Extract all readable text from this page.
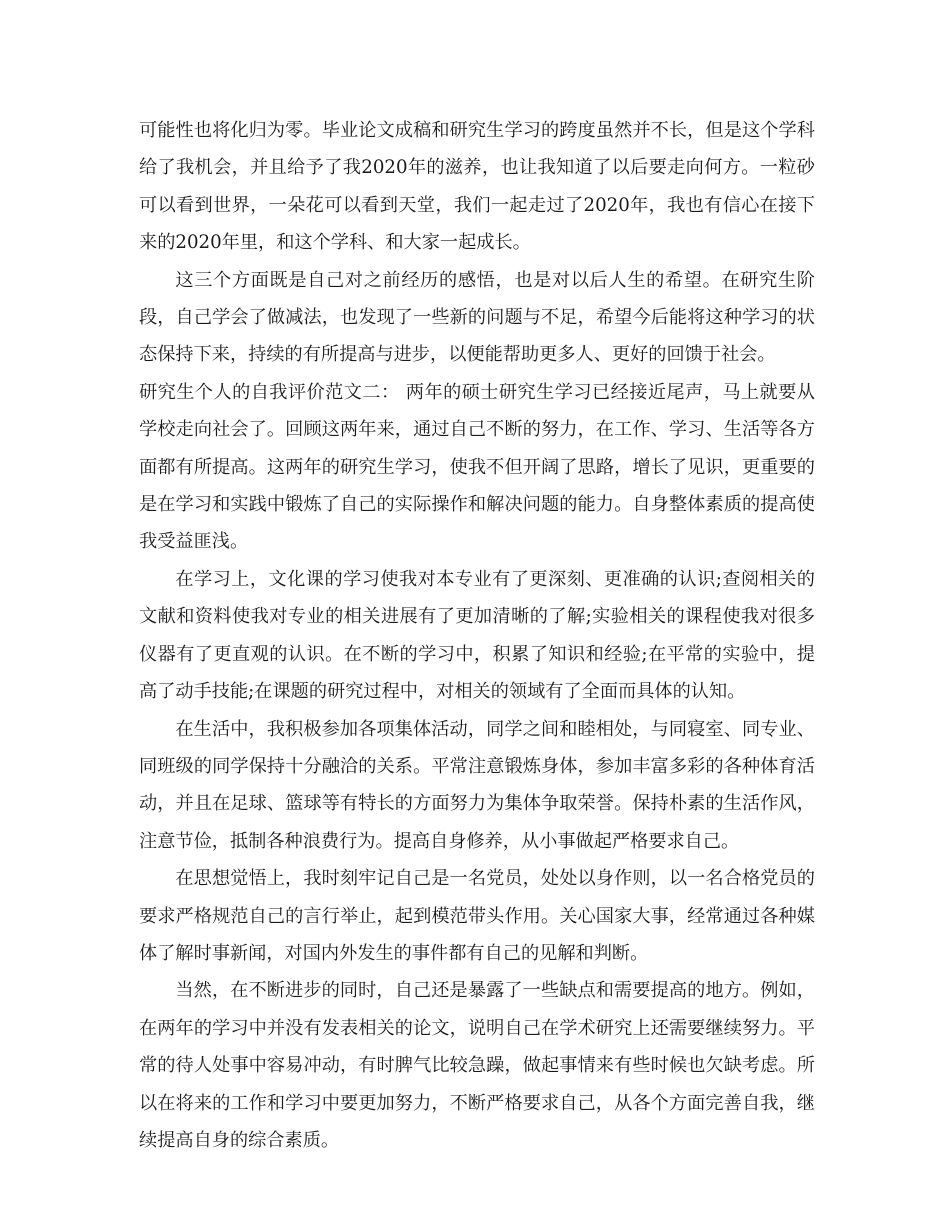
可能性也将化归为零。毕业论文成稿和研究生学习的跨度虽然并不长，但是这个学科给了我机会，并且给予了我2020年的滋养，也让我知道了以后要走向何方。一粒砂可以看到世界，一朵花可以看到天堂，我们一起走过了2020年，我也有信心在接下来的2020年里，和这个学科、和大家一起成长。

这三个方面既是自己对之前经历的感悟，也是对以后人生的希望。在研究生阶段，自己学会了做减法，也发现了一些新的问题与不足，希望今后能将这种学习的状态保持下来，持续的有所提高与进步，以便能帮助更多人、更好的回馈于社会。

研究生个人的自我评价范文二： 两年的硕士研究生学习已经接近尾声，马上就要从学校走向社会了。回顾这两年来，通过自己不断的努力，在工作、学习、生活等各方面都有所提高。这两年的研究生学习，使我不但开阔了思路，增长了见识，更重要的是在学习和实践中锻炼了自己的实际操作和解决问题的能力。自身整体素质的提高使我受益匪浅。

在学习上，文化课的学习使我对本专业有了更深刻、更准确的认识;查阅相关的文献和资料使我对专业的相关进展有了更加清晰的了解;实验相关的课程使我对很多仪器有了更直观的认识。在不断的学习中，积累了知识和经验;在平常的实验中，提高了动手技能;在课题的研究过程中，对相关的领域有了全面而具体的认知。

在生活中，我积极参加各项集体活动，同学之间和睦相处，与同寝室、同专业、同班级的同学保持十分融洽的关系。平常注意锻炼身体，参加丰富多彩的各种体育活动，并且在足球、篮球等有特长的方面努力为集体争取荣誉。保持朴素的生活作风，注意节俭，抵制各种浪费行为。提高自身修养，从小事做起严格要求自己。

在思想觉悟上，我时刻牢记自己是一名党员，处处以身作则，以一名合格党员的要求严格规范自己的言行举止，起到模范带头作用。关心国家大事，经常通过各种媒体了解时事新闻，对国内外发生的事件都有自己的见解和判断。

当然，在不断进步的同时，自己还是暴露了一些缺点和需要提高的地方。例如，在两年的学习中并没有发表相关的论文，说明自己在学术研究上还需要继续努力。平常的待人处事中容易冲动，有时脾气比较急躁，做起事情来有些时候也欠缺考虑。所以在将来的工作和学习中要更加努力，不断严格要求自己，从各个方面完善自我，继续提高自身的综合素质。
